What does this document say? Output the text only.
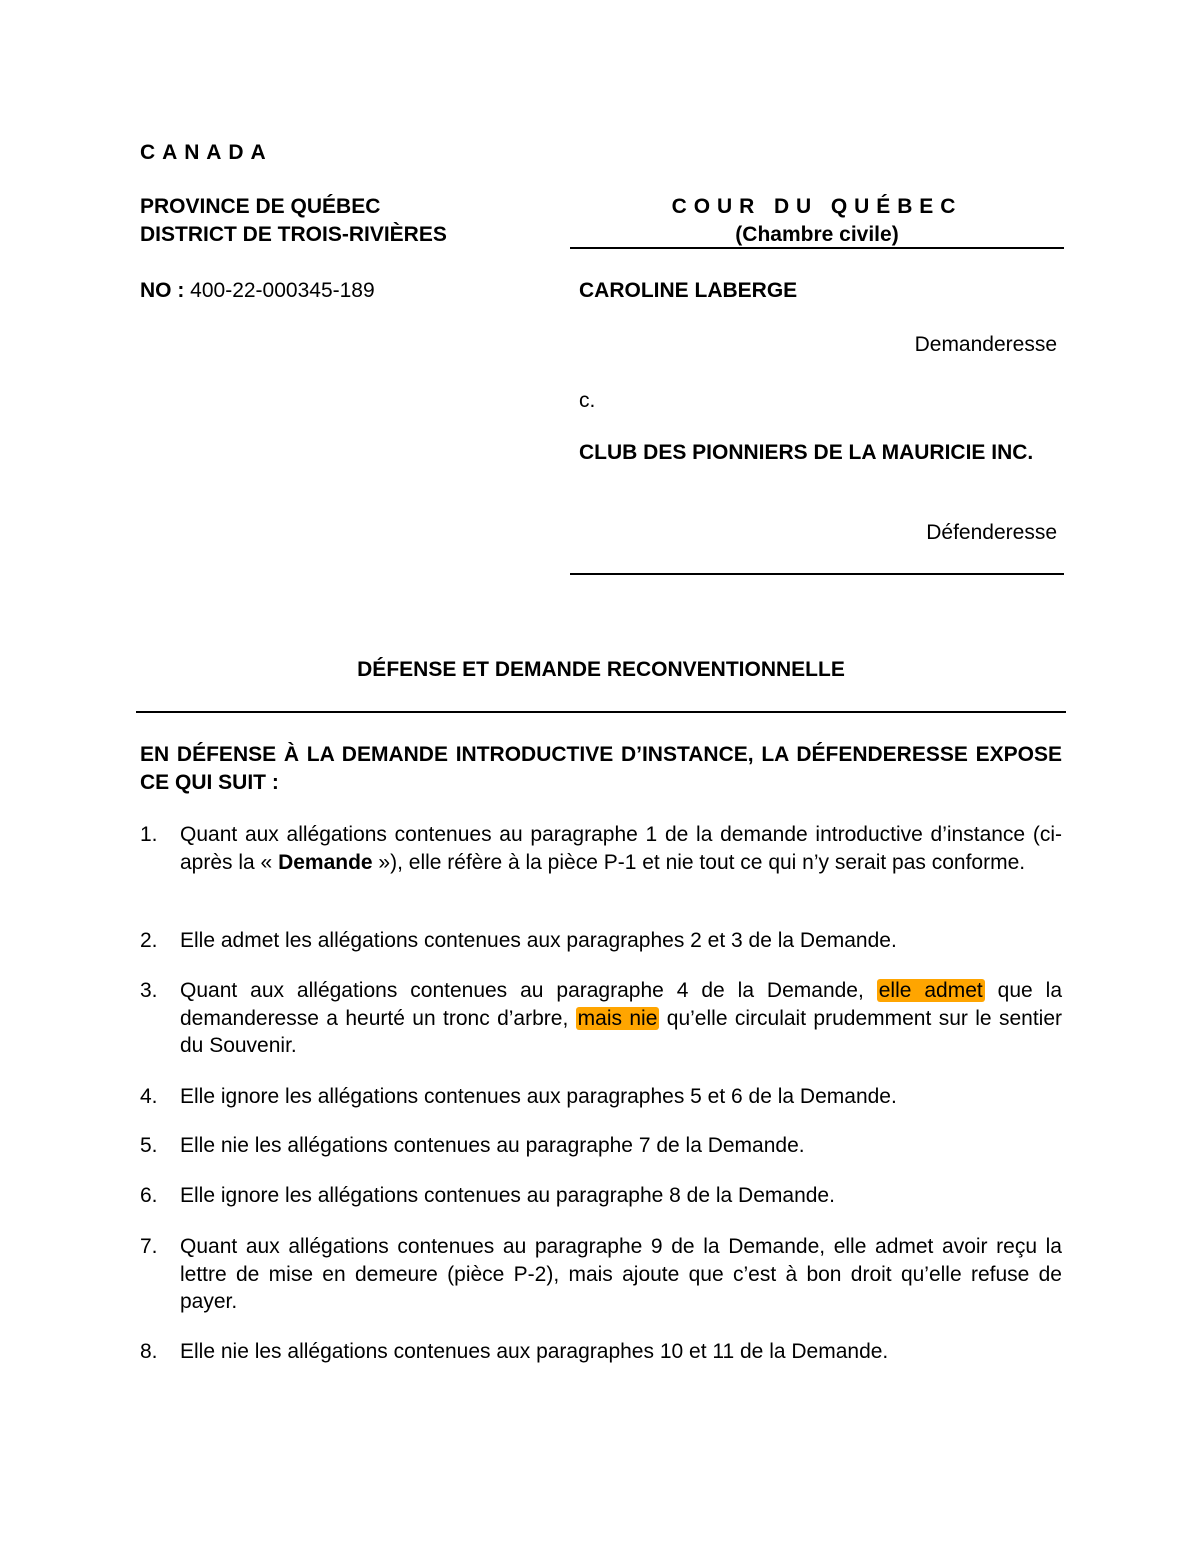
CANADA
PROVINCE DE QUÉBEC
DISTRICT DE TROIS-RIVIÈRES
NO : 400-22-000345-189
COUR DU QUÉBEC
(Chambre civile)
CAROLINE LABERGE
Demanderesse
c.
CLUB DES PIONNIERS DE LA MAURICIE INC.
Défenderesse
DÉFENSE ET DEMANDE RECONVENTIONNELLE
EN DÉFENSE À LA DEMANDE INTRODUCTIVE D’INSTANCE, LA DÉFENDERESSE EXPOSE CE QUI SUIT :
1. Quant aux allégations contenues au paragraphe 1 de la demande introductive d’instance (ci-après la « Demande »), elle réfère à la pièce P-1 et nie tout ce qui n’y serait pas conforme.
2. Elle admet les allégations contenues aux paragraphes 2 et 3 de la Demande.
3. Quant aux allégations contenues au paragraphe 4 de la Demande, elle admet que la demanderesse a heurté un tronc d’arbre, mais nie qu’elle circulait prudemment sur le sentier du Souvenir.
4. Elle ignore les allégations contenues aux paragraphes 5 et 6 de la Demande.
5. Elle nie les allégations contenues au paragraphe 7 de la Demande.
6. Elle ignore les allégations contenues au paragraphe 8 de la Demande.
7. Quant aux allégations contenues au paragraphe 9 de la Demande, elle admet avoir reçu la lettre de mise en demeure (pièce P-2), mais ajoute que c’est à bon droit qu’elle refuse de payer.
8. Elle nie les allégations contenues aux paragraphes 10 et 11 de la Demande.
